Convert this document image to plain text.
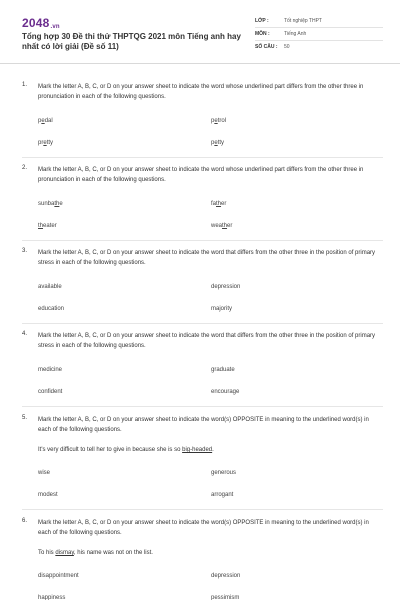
2048.vn
Tổng hợp 30 Đề thi thử THPTQG 2021 môn Tiếng anh hay nhất có lời giải (Đề số 11)
LỚP :	Tốt nghiệp THPT
MÔN :	Tiếng Anh
SỐ CÂU : 50
1. Mark the letter A, B, C, or D on your answer sheet to indicate the word whose underlined part differs from the other three in pronunciation in each of the following questions.
pedal	petrol
pretty	petty
2. Mark the letter A, B, C, or D on your answer sheet to indicate the word whose underlined part differs from the other three in pronunciation in each of the following questions.
sunbathe	father
theater	weather
3. Mark the letter A, B, C, or D on your answer sheet to indicate the word that differs from the other three in the position of primary stress in each of the following questions.
available	depression
education	majority
4. Mark the letter A, B, C, or D on your answer sheet to indicate the word that differs from the other three in the position of primary stress in each of the following questions.
medicine	graduate
confident	encourage
5. Mark the letter A, B, C, or D on your answer sheet to indicate the word(s) OPPOSITE in meaning to the underlined word(s) in each of the following questions.
It's very difficult to tell her to give in because she is so big-headed.
wise	generous
modest	arrogant
6. Mark the letter A, B, C, or D on your answer sheet to indicate the word(s) OPPOSITE in meaning to the underlined word(s) in each of the following questions.
To his dismay, his name was not on the list.
disappointment	depression
happiness	pessimism
